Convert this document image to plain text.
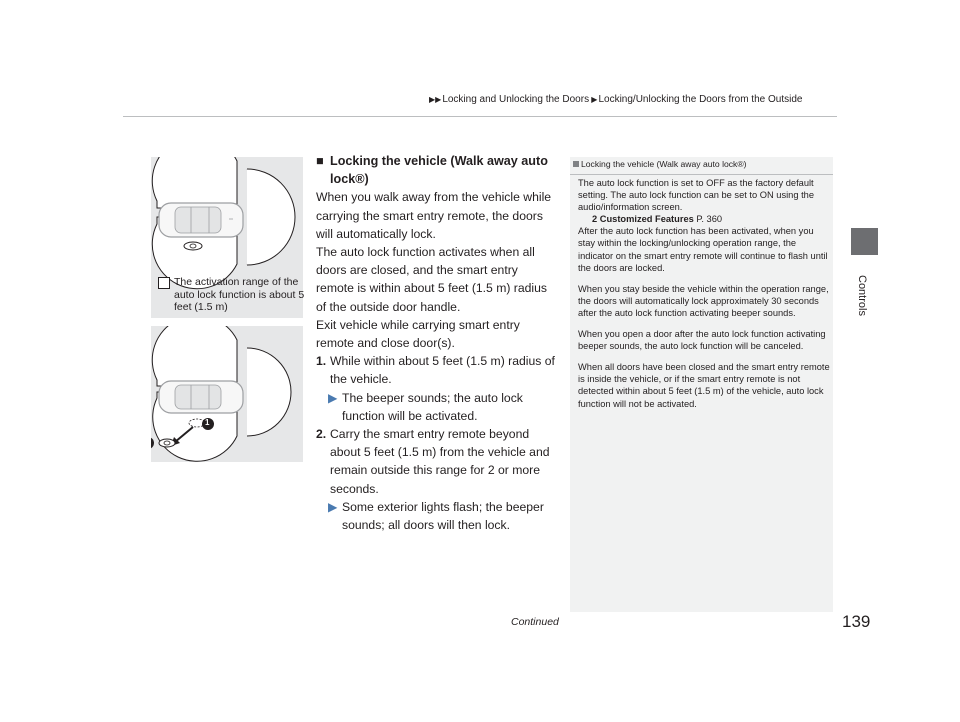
▶▶Locking and Unlocking the Doors ▶Locking/Unlocking the Doors from the Outside
Controls
The activation range of the auto lock function is about 5 feet (1.5 m)
1
2
■ Locking the vehicle (Walk away auto lock®)

When you walk away from the vehicle while carrying the smart entry remote, the doors will automatically lock.

The auto lock function activates when all doors are closed, and the smart entry remote is within about 5 feet (1.5 m) radius of the outside door handle.

Exit vehicle while carrying smart entry remote and close door(s).

1. While within about 5 feet (1.5 m) radius of the vehicle.
▶ The beeper sounds; the auto lock function will be activated.
2. Carry the smart entry remote beyond about 5 feet (1.5 m) from the vehicle and remain outside this range for 2 or more seconds.
▶ Some exterior lights flash; the beeper sounds; all doors will then lock.
Locking the vehicle (Walk away auto lock®)

The auto lock function is set to OFF as the factory default setting. The auto lock function can be set to ON using the audio/information screen.
2 Customized Features P. 360
After the auto lock function has been activated, when you stay within the locking/unlocking operation range, the indicator on the smart entry remote will continue to flash until the doors are locked.

When you stay beside the vehicle within the operation range, the doors will automatically lock approximately 30 seconds after the auto lock function activating beeper sounds.

When you open a door after the auto lock function activating beeper sounds, the auto lock function will be canceled.

When all doors have been closed and the smart entry remote is inside the vehicle, or if the smart entry remote is not detected within about 5 feet (1.5 m) of the vehicle, auto lock function will not be activated.

Continued	139
